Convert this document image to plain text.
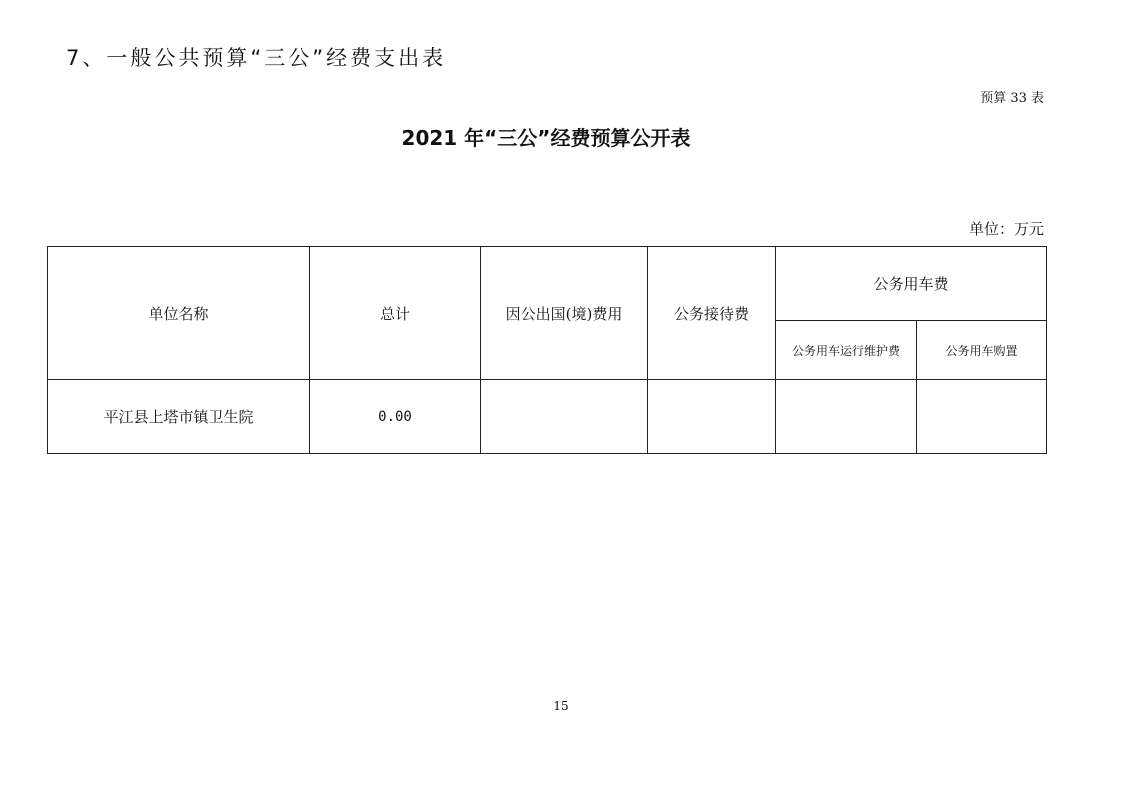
7、一般公共预算“三公”经费支出表
预算 33 表
2021 年“三公”经费预算公开表
单位：万元
单位名称	总计	因公出国(境)费用	公务接待费	公务用车费	
				公务用车运行维护费	公务用车购置
平江县上塔市镇卫生院	0.00				
15
